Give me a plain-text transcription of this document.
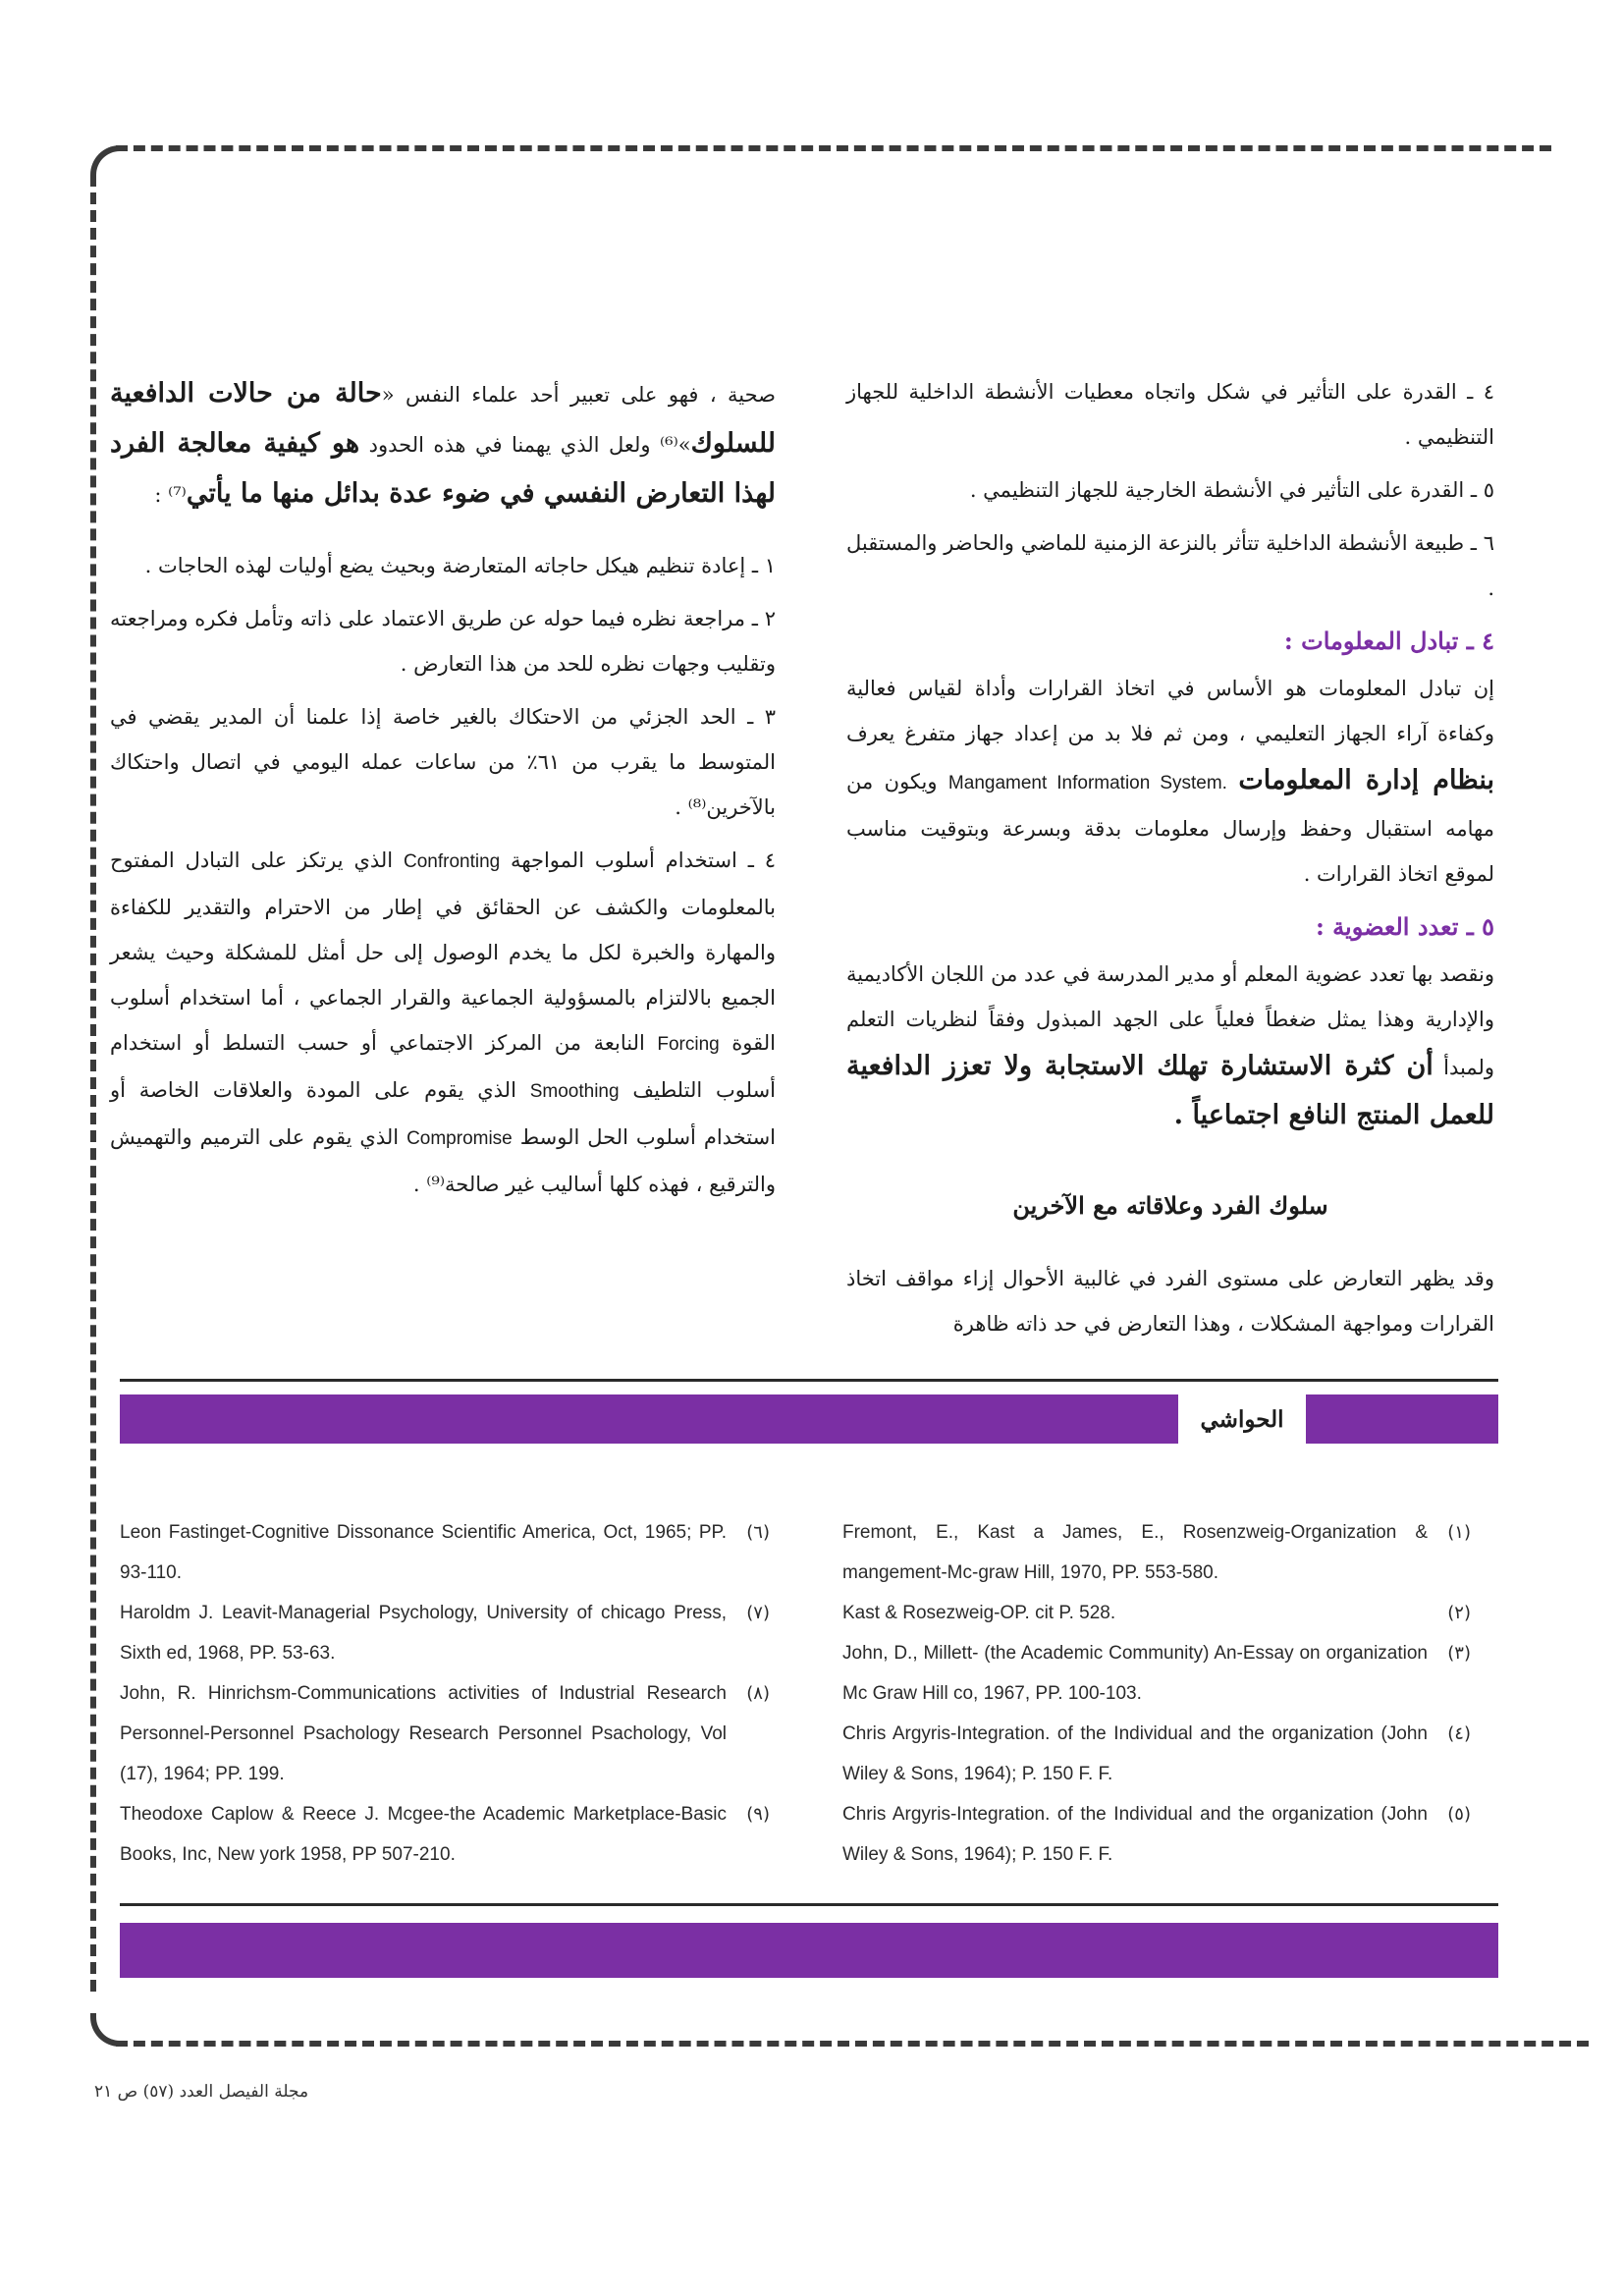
٤ ـ القدرة على التأثير في شكل واتجاه معطيات الأنشطة الداخلية للجهاز التنظيمي .

٥ ـ القدرة على التأثير في الأنشطة الخارجية للجهاز التنظيمي .

٦ ـ طبيعة الأنشطة الداخلية تتأثر بالنزعة الزمنية للماضي والحاضر والمستقبل .

٤ ـ تبادل المعلومات :

إن تبادل المعلومات هو الأساس في اتخاذ القرارات وأداة لقياس فعالية وكفاءة آراء الجهاز التعليمي ، ومن ثم فلا بد من إعداد جهاز متفرغ يعرف بنظام إدارة المعلومات Mangament Information System. ويكون من مهامه استقبال وحفظ وإرسال معلومات بدقة وبسرعة وبتوقيت مناسب لموقع اتخاذ القرارات .

٥ ـ تعدد العضوية :

ونقصد بها تعدد عضوية المعلم أو مدير المدرسة في عدد من اللجان الأكاديمية والإدارية وهذا يمثل ضغطاً فعلياً على الجهد المبذول وفقاً لنظريات التعلم ولمبدأ أن كثرة الاستشارة تهلك الاستجابة ولا تعزز الدافعية للعمل المنتج النافع اجتماعياً .

سلوك الفرد وعلاقاته مع الآخرين

وقد يظهر التعارض على مستوى الفرد في غالبية الأحوال إزاء مواقف اتخاذ القرارات ومواجهة المشكلات ، وهذا التعارض في حد ذاته ظاهرة

صحية ، فهو على تعبير أحد علماء النفس «حالة من حالات الدافعية للسلوك»⁽⁶⁾ ولعل الذي يهمنا في هذه الحدود هو كيفية معالجة الفرد لهذا التعارض النفسي في ضوء عدة بدائل منها ما يأتي⁽⁷⁾ :

١ ـ إعادة تنظيم هيكل حاجاته المتعارضة وبحيث يضع أوليات لهذه الحاجات .

٢ ـ مراجعة نظره فيما حوله عن طريق الاعتماد على ذاته وتأمل فكره ومراجعته وتقليب وجهات نظره للحد من هذا التعارض .

٣ ـ الحد الجزئي من الاحتكاك بالغير خاصة إذا علمنا أن المدير يقضي في المتوسط ما يقرب من ٦١٪ من ساعات عمله اليومي في اتصال واحتكاك بالآخرين⁽⁸⁾ .

٤ ـ استخدام أسلوب المواجهة Confronting الذي يرتكز على التبادل المفتوح بالمعلومات والكشف عن الحقائق في إطار من الاحترام والتقدير للكفاءة والمهارة والخبرة لكل ما يخدم الوصول إلى حل أمثل للمشكلة وحيث يشعر الجميع بالالتزام بالمسؤولية الجماعية والقرار الجماعي ، أما استخدام أسلوب القوة Forcing النابعة من المركز الاجتماعي أو حسب التسلط أو استخدام أسلوب التلطيف Smoothing الذي يقوم على المودة والعلاقات الخاصة أو استخدام أسلوب الحل الوسط Compromise الذي يقوم على الترميم والتهميش والترقيع ، فهذه كلها أساليب غير صالحة⁽⁹⁾ .

الحواشي
(١)
Fremont, E., Kast a James, E., Rosenzweig-Organization & mangement-Mc-graw Hill, 1970, PP. 553-580.
(٢)
Kast & Rosezweig-OP. cit P. 528.
(٣)
John, D., Millett- (the Academic Community) An-Essay on organization Mc Graw Hill co, 1967, PP. 100-103.
(٤)
Chris Argyris-Integration. of the Individual and the organization (John Wiley & Sons, 1964); P. 150 F. F.
(٥)
Chris Argyris-Integration. of the Individual and the organization (John Wiley & Sons, 1964); P. 150 F. F.
(٦)
Leon Fastinget-Cognitive Dissonance Scientific America, Oct, 1965; PP. 93-110.
(٧)
Haroldm J. Leavit-Managerial Psychology, University of chicago Press, Sixth ed, 1968, PP. 53-63.
(٨)
John, R. Hinrichsm-Communications activities of Industrial Research Personnel-Personnel Psachology Research Personnel Psachology, Vol (17), 1964; PP. 199.
(٩)
Theodoxe Caplow & Reece J. Mcgee-the Academic Marketplace-Basic Books, Inc, New york 1958, PP 507-210.
مجلة الفيصل العدد (٥٧) ص ٢١
